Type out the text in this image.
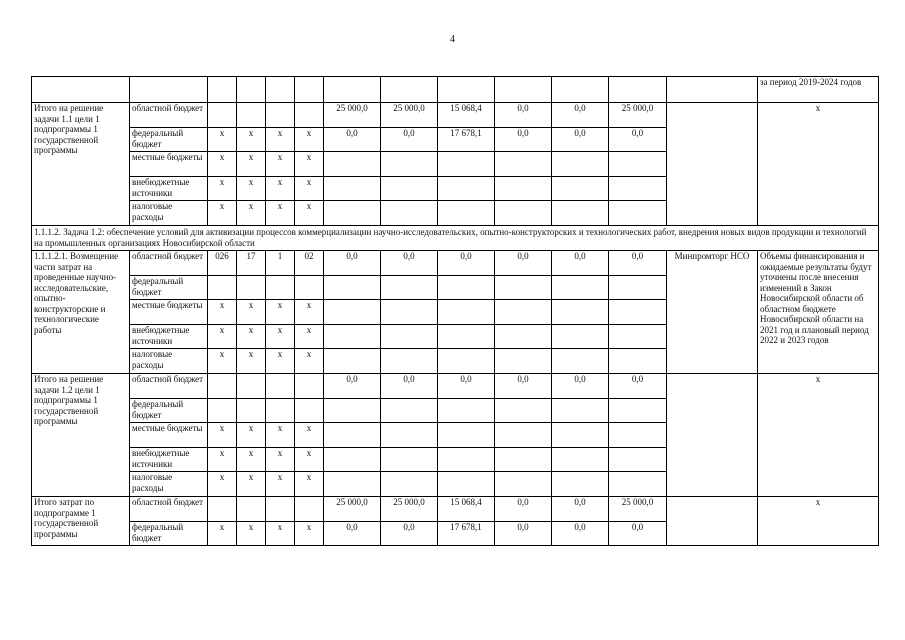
4
													за период 2019-2024 годов
Итого на решение задачи 1.1 цели 1 подпрограммы 1 государственной программы	областной бюджет					25 000,0	25 000,0	15 068,4	0,0	0,0	25 000,0		х
	федеральный бюджет	х	х	х	х	0,0	0,0	17 678,1	0,0	0,0	0,0		
	местные бюджеты	х	х	х	х								
	внебюджетные источники	х	х	х	х								
	налоговые расходы	х	х	х	х								
1.1.1.2. Задача 1.2: обеспечение условий для активизации процессов коммерциализации научно-исследовательских, опытно-конструкторских и технологических работ, внедрения новых видов продукции и технологий на промышленных организациях Новосибирской области													
1.1.1.2.1. Возмещение части затрат на проведенные научно-исследовательские, опытно-конструкторские и технологические работы	областной бюджет	026	17	1	02	0,0	0,0	0,0	0,0	0,0	0,0	Минпромторг НСО	Объемы финансирования и ожидаемые результаты будут уточнены после внесения изменений в Закон Новосибирской области об областном бюджете Новосибирской области на 2021 год и плановый период 2022 и 2023 годов
	федеральный бюджет												
	местные бюджеты	х	х	х	х								
	внебюджетные источники	х	х	х	х								
	налоговые расходы	х	х	х	х								
Итого на решение задачи 1.2 цели 1 подпрограммы 1 государственной программы	областной бюджет					0,0	0,0	0,0	0,0	0,0	0,0		х
	федеральный бюджет												
	местные бюджеты	х	х	х	х								
	внебюджетные источники	х	х	х	х								
	налоговые расходы	х	х	х	х								
Итого затрат по подпрограмме 1 государственной программы	областной бюджет					25 000,0	25 000,0	15 068,4	0,0	0,0	25 000,0		х
	федеральный бюджет	х	х	х	х	0,0	0,0	17 678,1	0,0	0,0	0,0		
